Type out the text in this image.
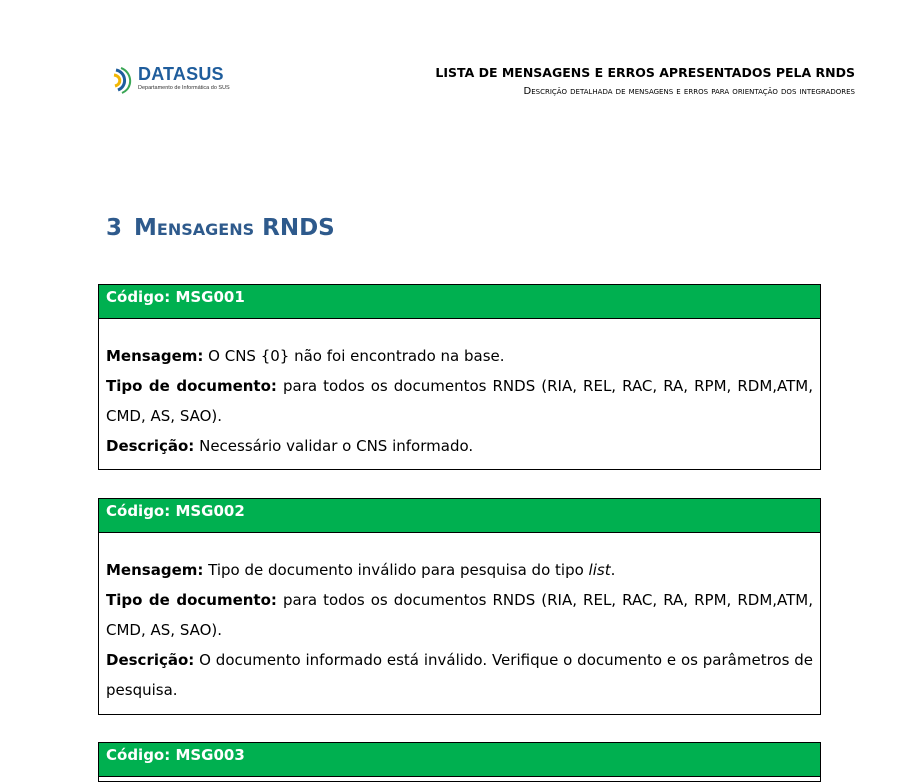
DATASUS
Departamento de Informática do SUS
LISTA DE MENSAGENS E ERROS APRESENTADOS PELA RNDS
Descrição detalhada de mensagens e erros para orientação dos integradores
3 Mensagens RNDS
Código: MSG001

Mensagem: O CNS {0} não foi encontrado na base.

Tipo de documento: para todos os documentos RNDS (RIA, REL, RAC, RA, RPM, RDM,ATM, CMD, AS, SAO).

Descrição: Necessário validar o CNS informado.

Código: MSG002

Mensagem: Tipo de documento inválido para pesquisa do tipo list.

Tipo de documento: para todos os documentos RNDS (RIA, REL, RAC, RA, RPM, RDM,ATM, CMD, AS, SAO).

Descrição: O documento informado está inválido. Verifique o documento e os parâmetros de pesquisa.

Código: MSG003
